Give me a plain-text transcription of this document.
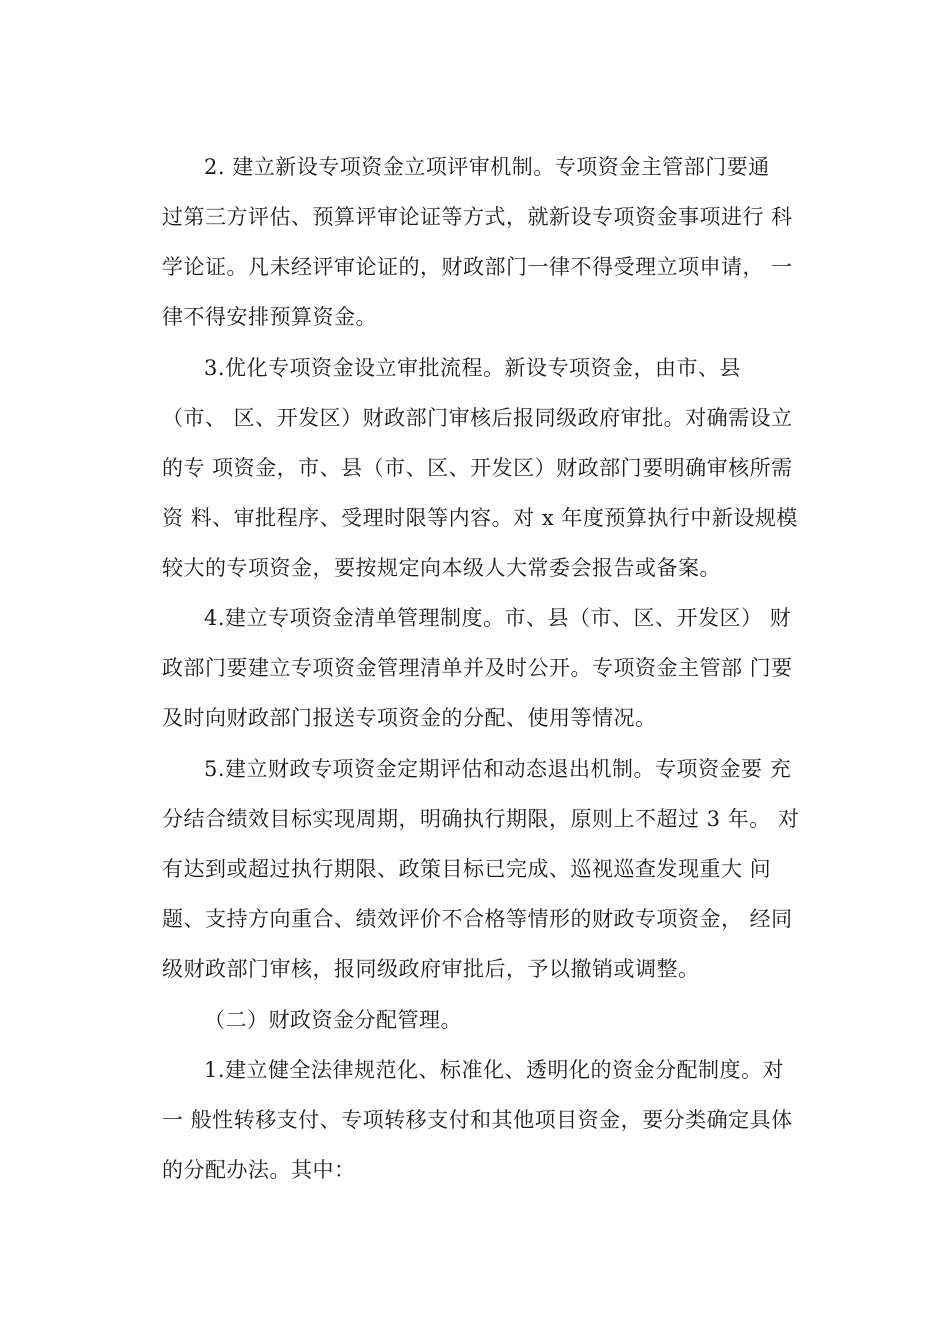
2. 建立新设专项资金立项评审机制。专项资金主管部门要通
过第三方评估、预算评审论证等方式，就新设专项资金事项进行 科
学论证。凡未经评审论证的，财政部门一律不得受理立项申请， 一
律不得安排预算资金。
3.优化专项资金设立审批流程。新设专项资金，由市、县
（市、 区、开发区）财政部门审核后报同级政府审批。对确需设立
的专 项资金，市、县（市、区、开发区）财政部门要明确审核所需
资 料、审批程序、受理时限等内容。对 x 年度预算执行中新设规模
较大的专项资金，要按规定向本级人大常委会报告或备案。
4.建立专项资金清单管理制度。市、县（市、区、开发区） 财
政部门要建立专项资金管理清单并及时公开。专项资金主管部 门要
及时向财政部门报送专项资金的分配、使用等情况。
5.建立财政专项资金定期评估和动态退出机制。专项资金要 充
分结合绩效目标实现周期，明确执行期限，原则上不超过 3 年。 对
有达到或超过执行期限、政策目标已完成、巡视巡查发现重大 问
题、支持方向重合、绩效评价不合格等情形的财政专项资金， 经同
级财政部门审核，报同级政府审批后，予以撤销或调整。
（二）财政资金分配管理。
1.建立健全法律规范化、标准化、透明化的资金分配制度。对
一 般性转移支付、专项转移支付和其他项目资金，要分类确定具体
的分配办法。其中：
